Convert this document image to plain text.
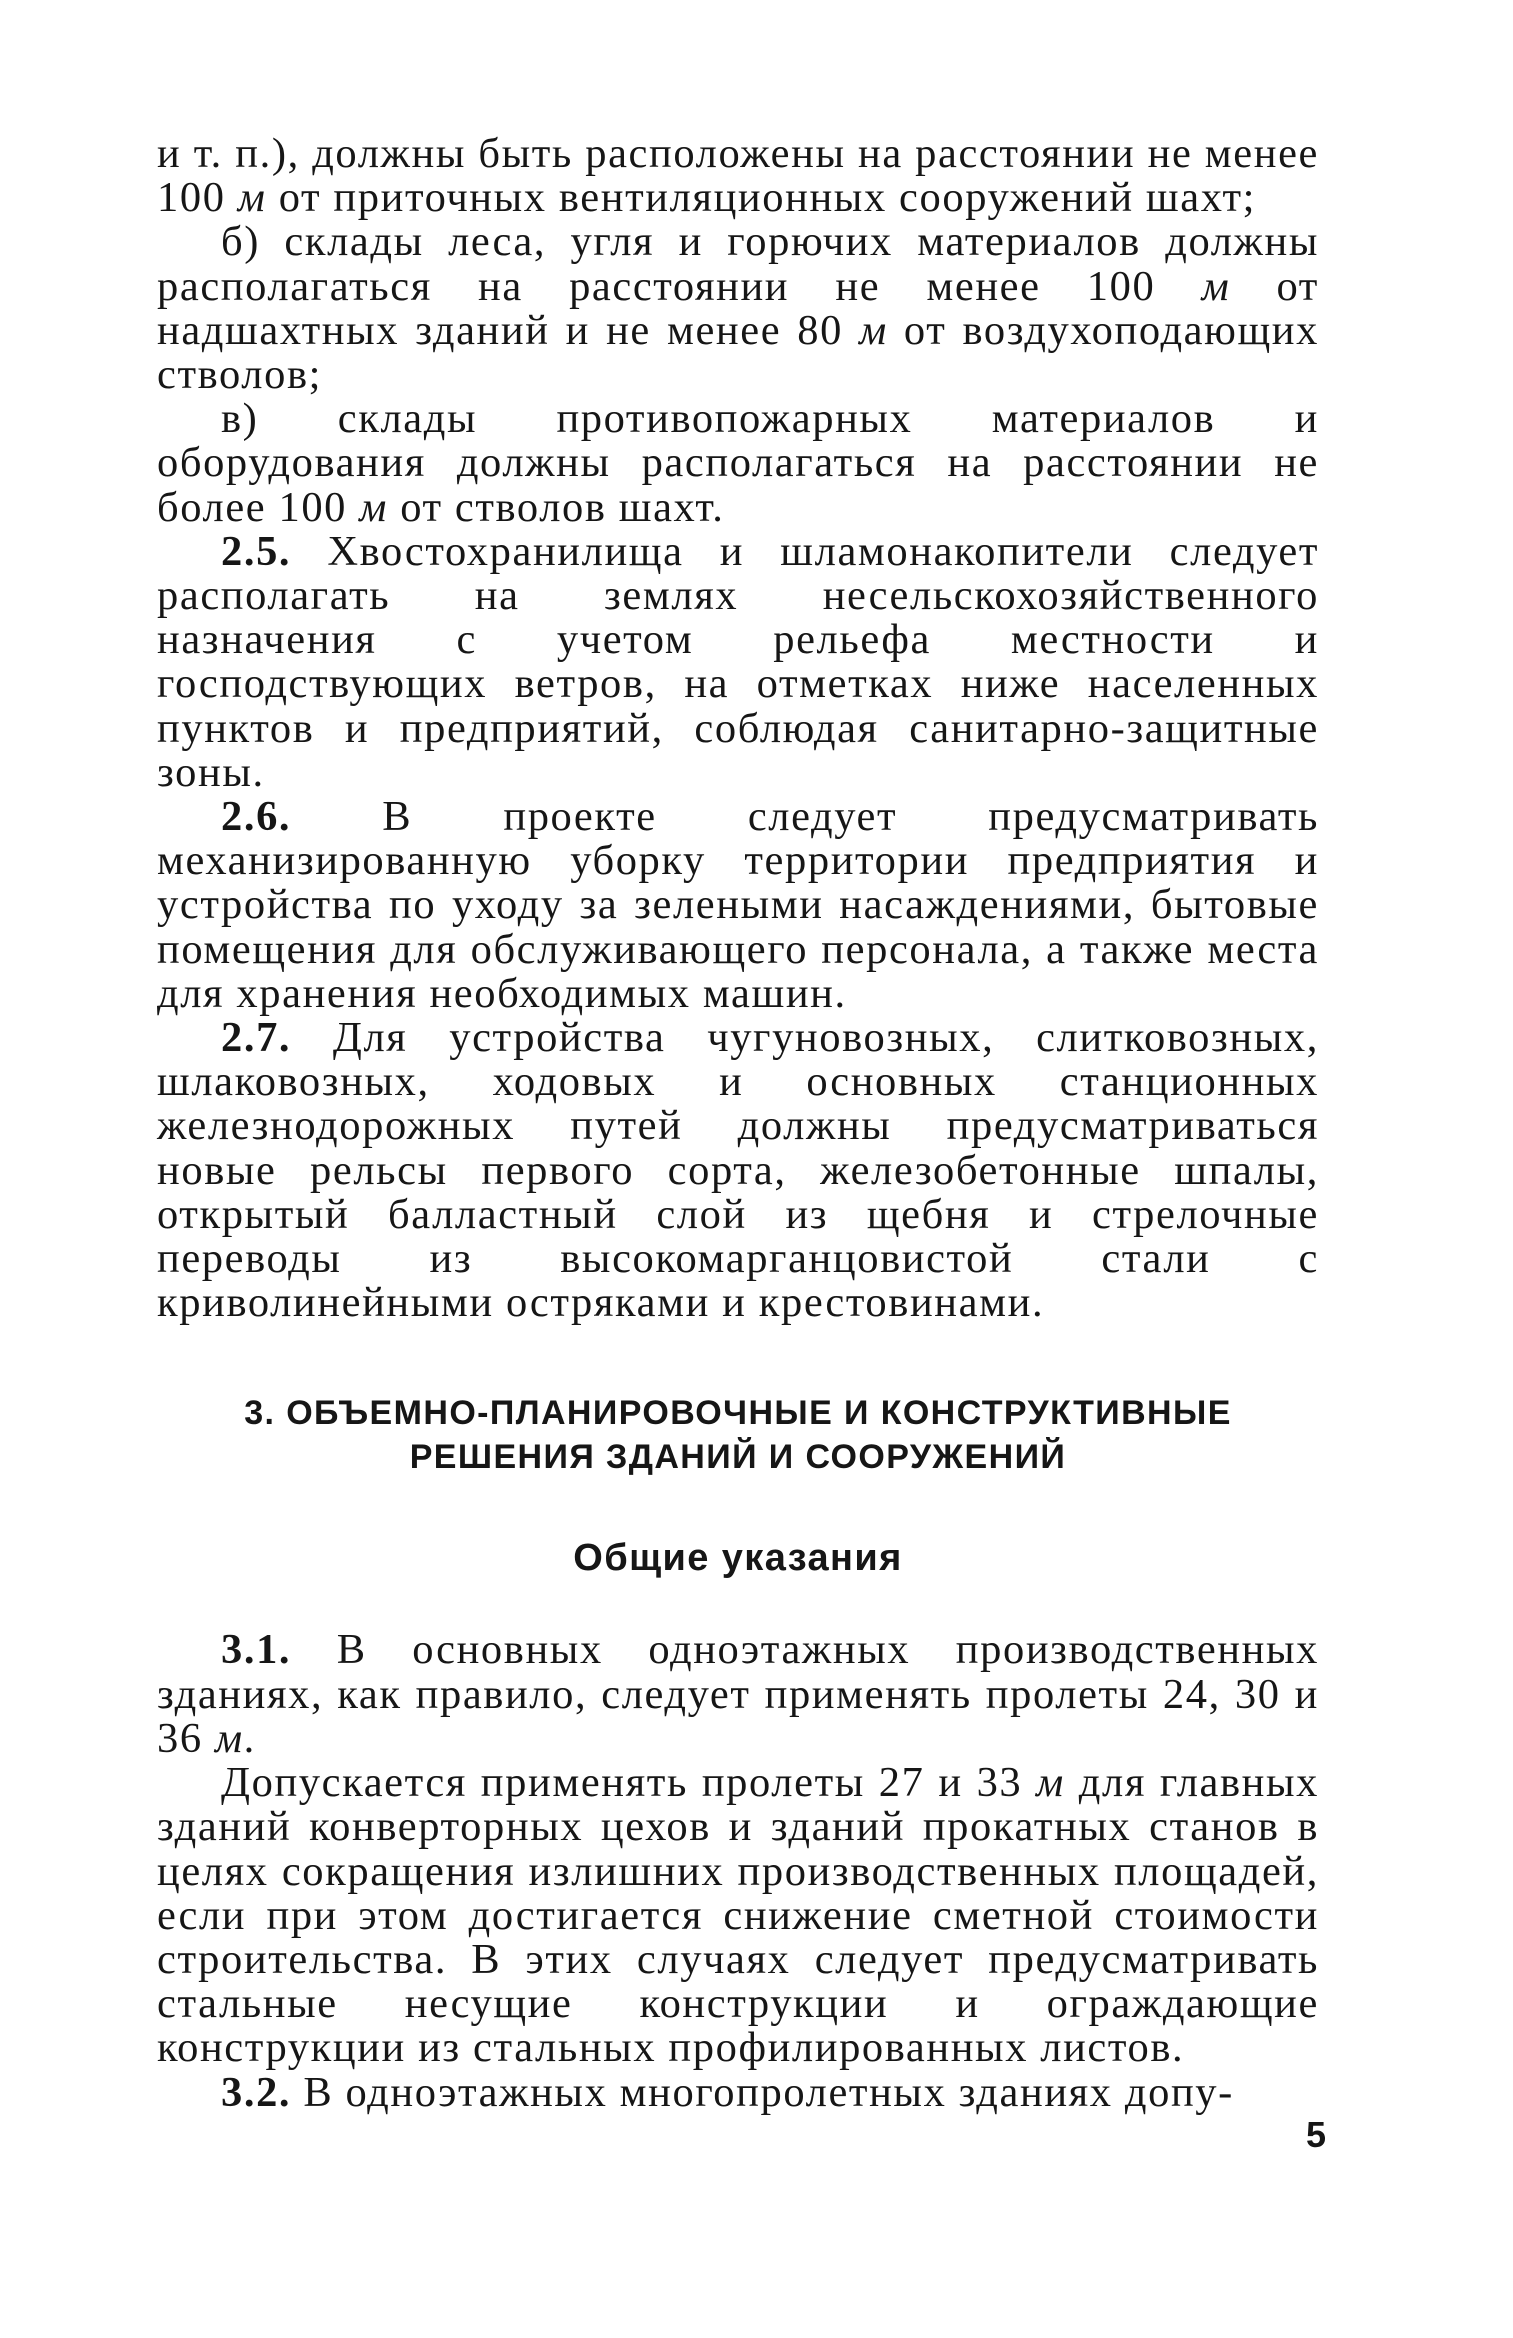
и т. п.), должны быть расположены на расстоянии не менее 100 м от приточных вентиляционных сооружений шахт;

б) склады леса, угля и горючих материалов должны располагаться на расстоянии не менее 100 м от надшахтных зданий и не менее 80 м от воздухоподающих стволов;

в) склады противопожарных материалов и оборудования должны располагаться на расстоянии не более 100 м от стволов шахт.

2.5. Хвостохранилища и шламонакопители следует располагать на землях несельскохозяйственного назначения с учетом рельефа местности и господствующих ветров, на отметках ниже населенных пунктов и предприятий, соблюдая санитарно-защитные зоны.

2.6. В проекте следует предусматривать механизированную уборку территории предприятия и устройства по уходу за зелеными насаждениями, бытовые помещения для обслуживающего персонала, а также места для хранения необходимых машин.

2.7. Для устройства чугуновозных, слитковозных, шлаковозных, ходовых и основных станционных железнодорожных путей должны предусматриваться новые рельсы первого сорта, железобетонные шпалы, открытый балластный слой из щебня и стрелочные переводы из высокомарганцовистой стали с криволинейными остряками и крестовинами.

3. ОБЪЕМНО-ПЛАНИРОВОЧНЫЕ И КОНСТРУКТИВНЫЕ
РЕШЕНИЯ ЗДАНИЙ И СООРУЖЕНИЙ
Общие указания

3.1. В основных одноэтажных производственных зданиях, как правило, следует применять пролеты 24, 30 и 36 м.

Допускается применять пролеты 27 и 33 м для главных зданий конверторных цехов и зданий прокатных станов в целях сокращения излишних производственных площадей, если при этом достигается снижение сметной стоимости строительства. В этих случаях следует предусматривать стальные несущие конструкции и ограждающие конструкции из стальных профилированных листов.

3.2. В одноэтажных многопролетных зданиях допу-

5
